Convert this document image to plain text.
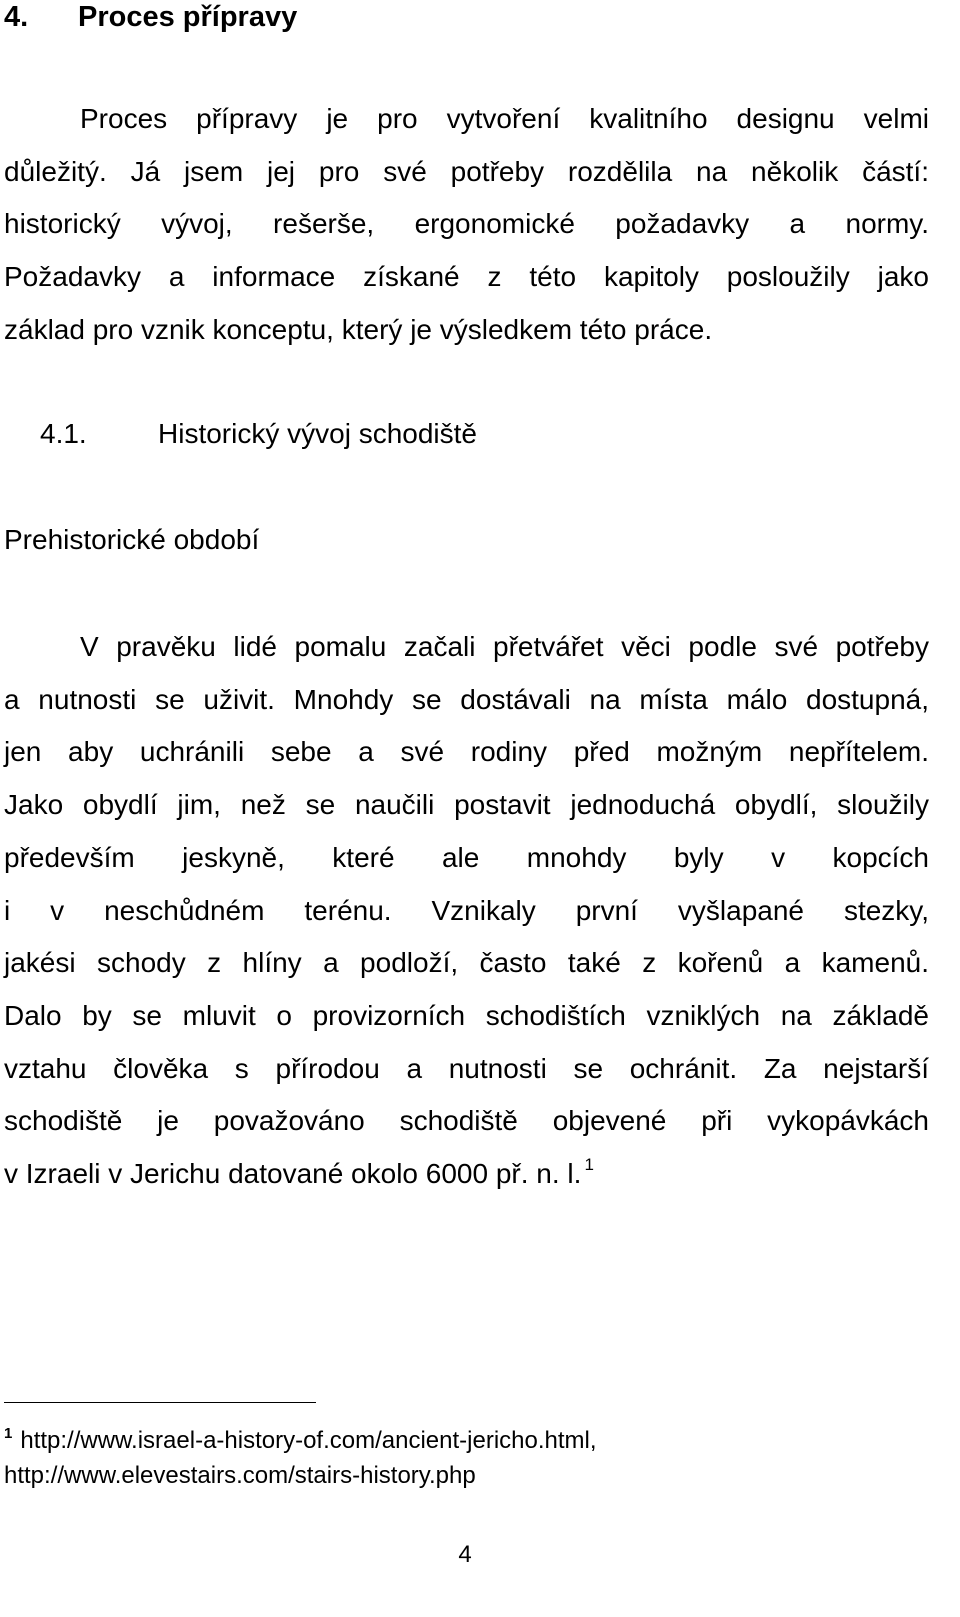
4. Proces přípravy
Proces přípravy je pro vytvoření kvalitního designu velmi
důležitý. Já jsem jej pro své potřeby rozdělila na několik částí:
historický vývoj, rešerše, ergonomické požadavky a normy.
Požadavky a informace získané z této kapitoly posloužily jako
základ pro vznik konceptu, který je výsledkem této práce.
4.1.	Historický vývoj schodiště
Prehistorické období
V pravěku lidé pomalu začali přetvářet věci podle své potřeby
a nutnosti se uživit. Mnohdy se dostávali na místa málo dostupná,
jen aby uchránili sebe a své rodiny před možným nepřítelem.
Jako obydlí jim, než se naučili postavit jednoduchá obydlí, sloužily
především jeskyně, které ale mnohdy byly v kopcích
i v neschůdném terénu. Vznikaly první vyšlapané stezky,
jakési schody z hlíny a podloží, často také z kořenů a kamenů.
Dalo by se mluvit o provizorních schodištích vzniklých na základě
vztahu člověka s přírodou a nutnosti se ochránit. Za nejstarší
schodiště je považováno schodiště objevené při vykopávkách
v Izraeli v Jerichu datované okolo 6000 př. n. l. $^1$
$^1$ http://www.israel-a-history-of.com/ancient-jericho.html,
http://www.elevestairs.com/stairs-history.php
4
